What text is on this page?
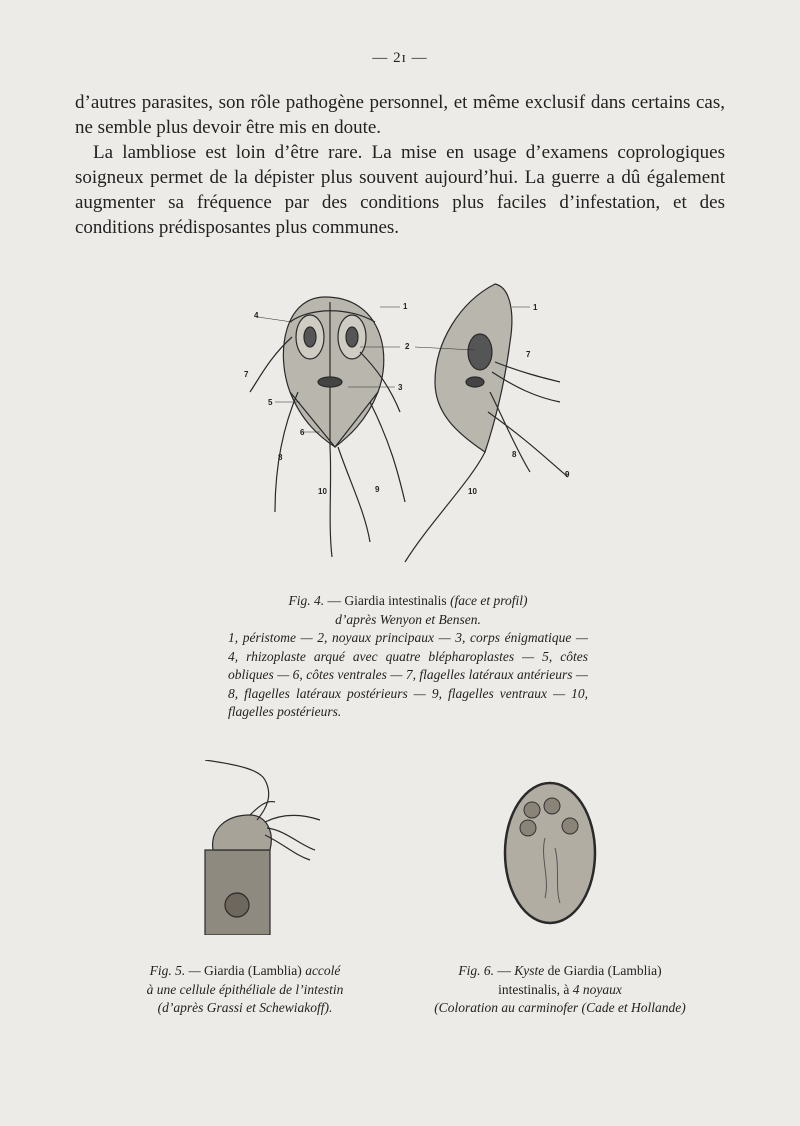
— 2ɪ —

d’autres parasites, son rôle pathogène personnel, et même exclusif dans certains cas, ne semble plus devoir être mis en doute.

La lambliose est loin d’être rare. La mise en usage d’examens coprologiques soigneux permet de la dépister plus souvent aujourd’hui. La guerre a dû également augmenter sa fréquence par des conditions plus faciles d’infestation, et des conditions prédisposantes plus communes.

1
4
2
3
5
7
6
8
9
10
1
7
8
9
10
Fig. 4. — Giardia intestinalis (face et profil)
d’après Wenyon et Bensen.
1, péristome — 2, noyaux principaux — 3, corps énigmatique — 4, rhizoplaste arqué avec quatre blépharoplastes — 5, côtes obliques — 6, côtes ventrales — 7, flagelles latéraux antérieurs — 8, flagelles latéraux postérieurs — 9, flagelles ventraux — 10, flagelles postérieurs.
Fig. 5. — Giardia (Lamblia) accolé
à une cellule épithéliale de l’intestin
(d’après Grassi et Schewiakoff).
Fig. 6. — Kyste de Giardia (Lamblia)
intestinalis, à 4 noyaux
(Coloration au carminofer (Cade et Hollande)
